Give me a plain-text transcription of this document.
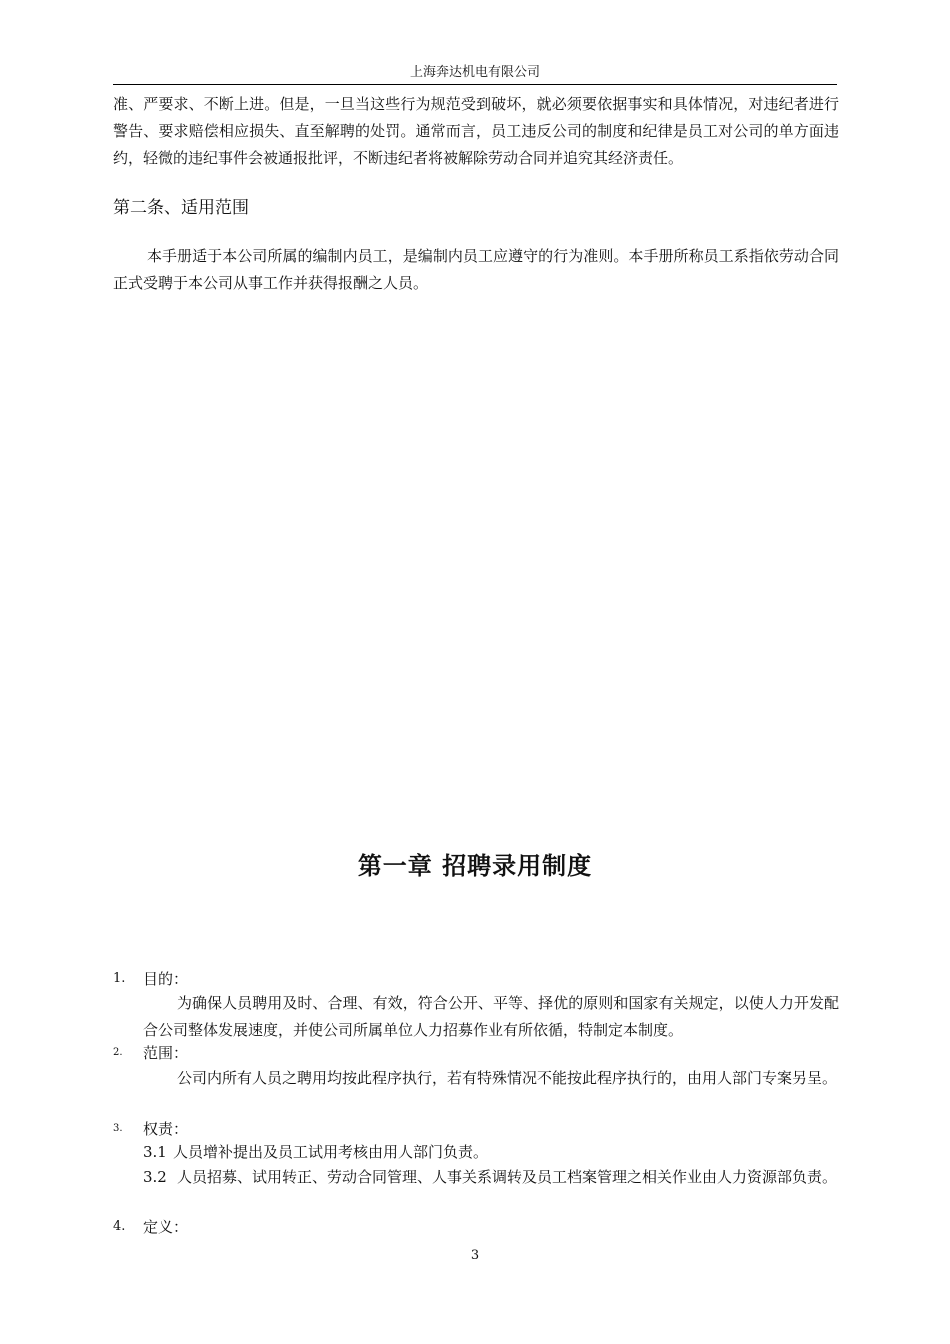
上海奔达机电有限公司

准、严要求、不断上进。但是，一旦当这些行为规范受到破坏，就必须要依据事实和具体情况，对违纪者进行警告、要求赔偿相应损失、直至解聘的处罚。通常而言，员工违反公司的制度和纪律是员工对公司的单方面违约，轻微的违纪事件会被通报批评，不断违纪者将被解除劳动合同并追究其经济责任。

第二条、适用范围

本手册适于本公司所属的编制内员工，是编制内员工应遵守的行为准则。本手册所称员工系指依劳动合同正式受聘于本公司从事工作并获得报酬之人员。

第一章 招聘录用制度
1. 目的：

为确保人员聘用及时、合理、有效，符合公开、平等、择优的原则和国家有关规定，以使人力开发配合公司整体发展速度，并使公司所属单位人力招募作业有所依循，特制定本制度。

2. 范围：

公司内所有人员之聘用均按此程序执行，若有特殊情况不能按此程序执行的，由用人部门专案另呈。

3. 权责：

3.1 人员增补提出及员工试用考核由用人部门负责。

3.2 人员招募、试用转正、劳动合同管理、人事关系调转及员工档案管理之相关作业由人力资源部负责。

4. 定义：
3
